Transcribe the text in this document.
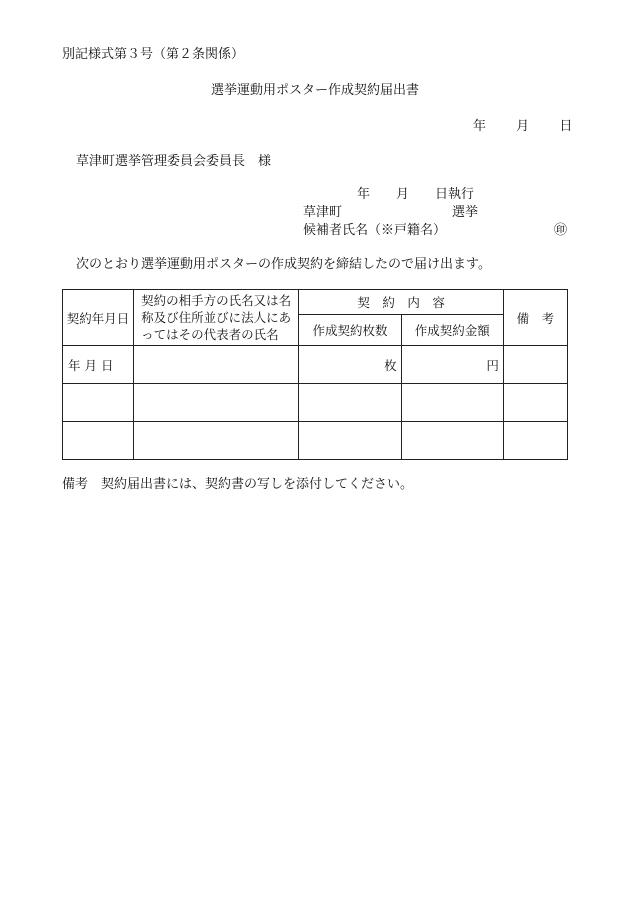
別記様式第３号（第２条関係）
選挙運動用ポスター作成契約届出書
年 月 日
草津町選挙管理委員会委員長　様
年　　月　　日執行
草津町	選挙
候補者氏名（※戸籍名）	㊞
次のとおり選挙運動用ポスターの作成契約を締結したので届け出ます。
契約年月日	契約の相手方の氏名又は名称及び住所並びに法人にあってはその代表者の氏名	契　約　内　容		備　考
		作成契約枚数	作成契約金額	
年 月 日		枚	円	

備考　契約届出書には、契約書の写しを添付してください。
